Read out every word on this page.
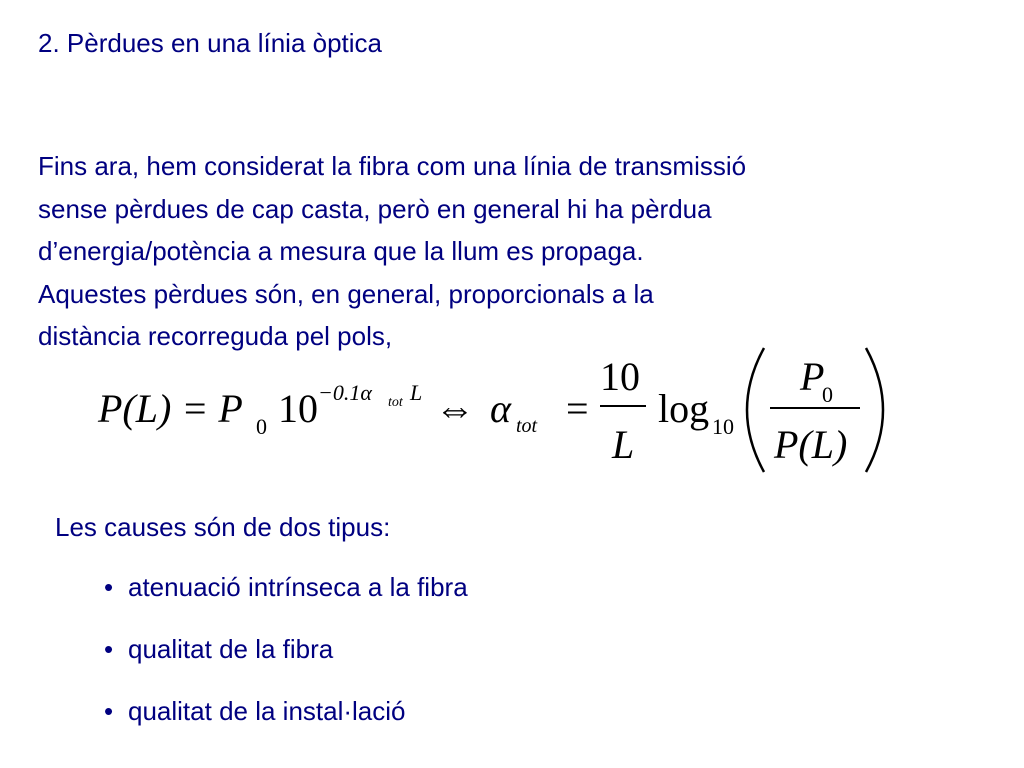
2. Pèrdues en una línia òptica
Fins ara, hem considerat la fibra com una línia de transmissió
sense pèrdues de cap casta, però en general hi ha pèrdua
d’energia/potència a mesura que la llum es propaga.
Aquestes pèrdues són, en general, proporcionals a la
distància recorreguda pel pols,
P(L) = P 0 10 −0.1α tot L ⇔ α tot =
10
L
log 10
P
0
P(L)
Les causes són de dos tipus:
• atenuació intrínseca a la fibra
• qualitat de la fibra
• qualitat de la instal·lació
